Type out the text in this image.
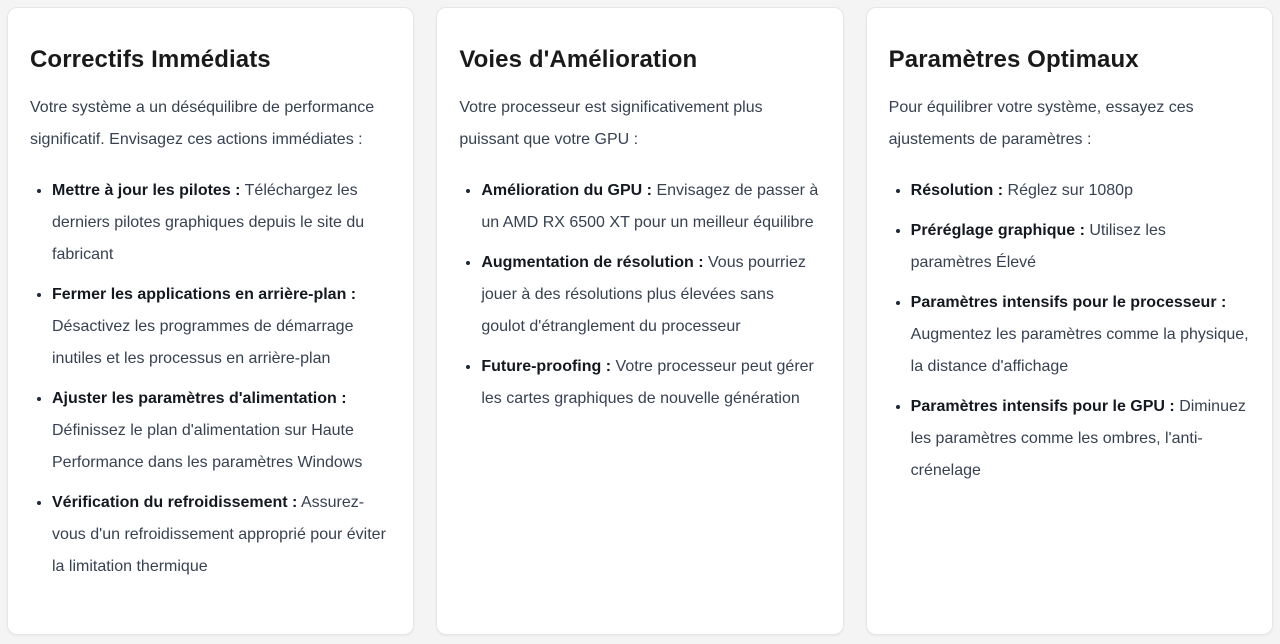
Correctifs Immédiats

Votre système a un déséquilibre de performance significatif. Envisagez ces actions immédiates :

• Mettre à jour les pilotes : Téléchargez les derniers pilotes graphiques depuis le site du fabricant
• Fermer les applications en arrière-plan : Désactivez les programmes de démarrage inutiles et les processus en arrière-plan
• Ajuster les paramètres d'alimentation : Définissez le plan d'alimentation sur Haute Performance dans les paramètres Windows
• Vérification du refroidissement : Assurez-vous d'un refroidissement approprié pour éviter la limitation thermique
Voies d'Amélioration

Votre processeur est significativement plus puissant que votre GPU :

• Amélioration du GPU : Envisagez de passer à un AMD RX 6500 XT pour un meilleur équilibre
• Augmentation de résolution : Vous pourriez jouer à des résolutions plus élevées sans goulot d'étranglement du processeur
• Future-proofing : Votre processeur peut gérer les cartes graphiques de nouvelle génération
Paramètres Optimaux

Pour équilibrer votre système, essayez ces ajustements de paramètres :

• Résolution : Réglez sur 1080p
• Préréglage graphique : Utilisez les paramètres Élevé
• Paramètres intensifs pour le processeur : Augmentez les paramètres comme la physique, la distance d'affichage
• Paramètres intensifs pour le GPU : Diminuez les paramètres comme les ombres, l'anti-crénelage
